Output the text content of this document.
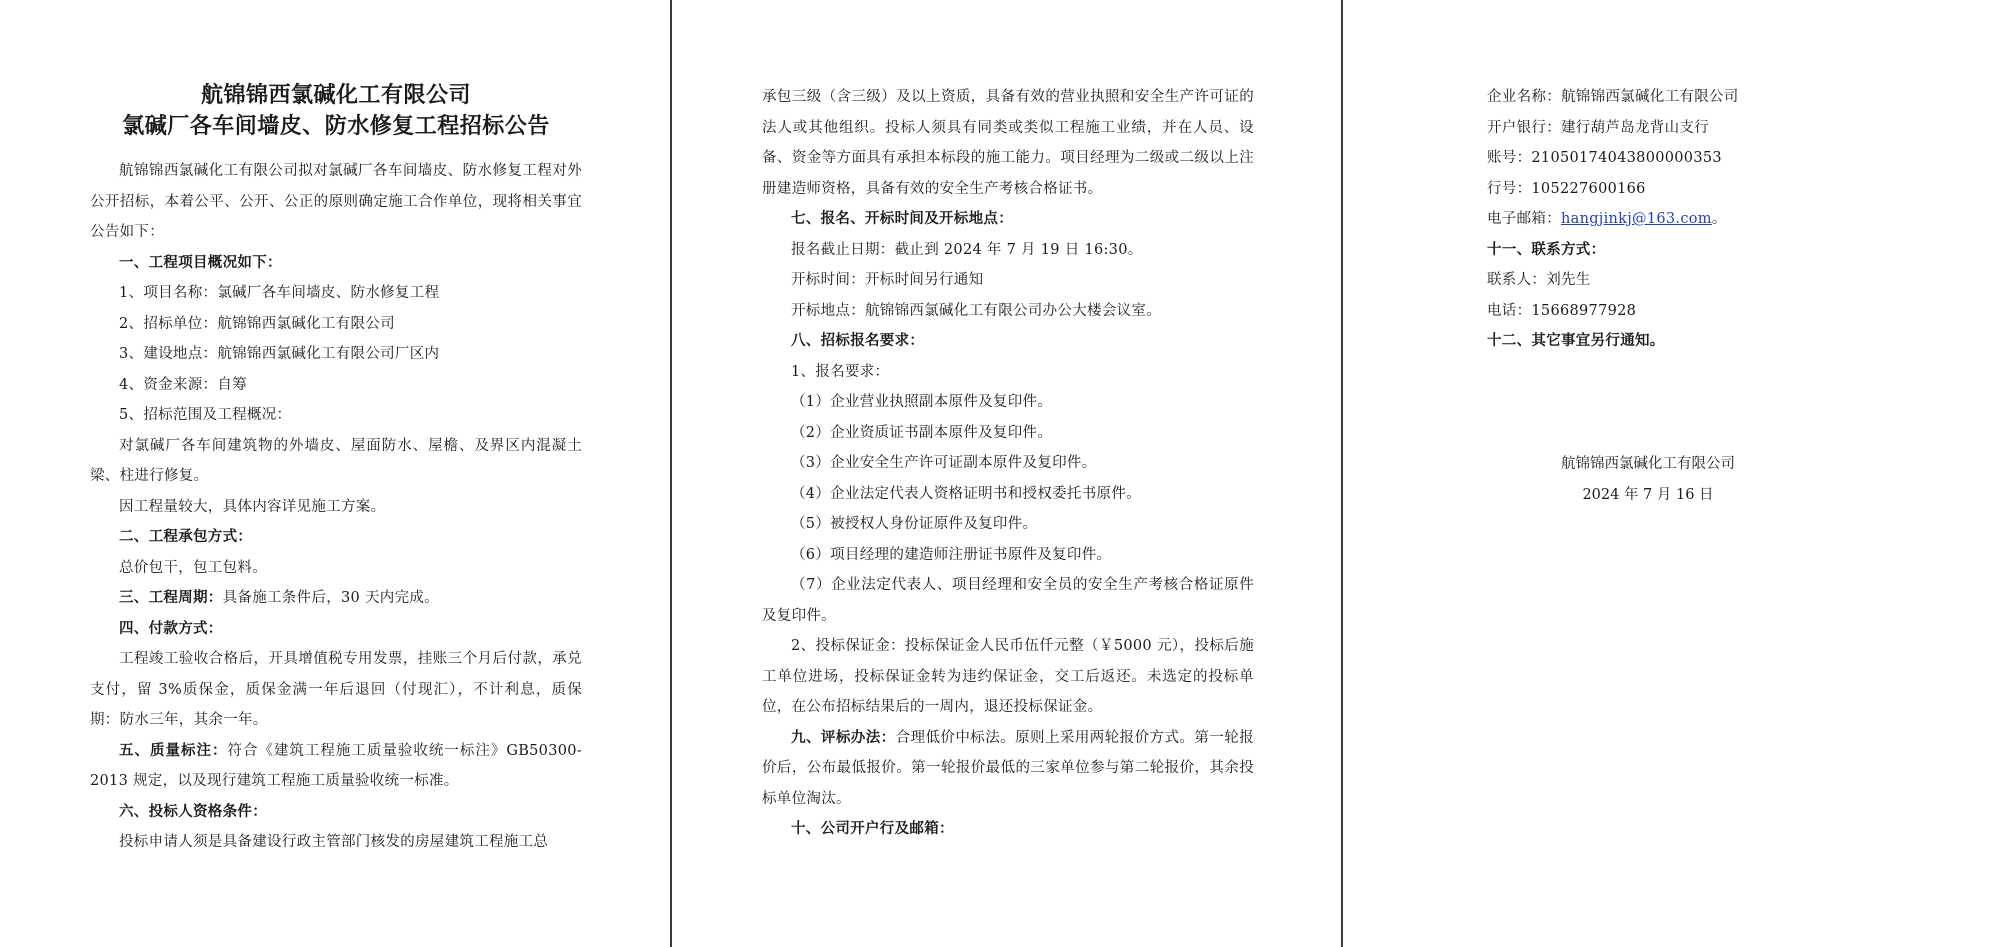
航锦锦西氯碱化工有限公司
氯碱厂各车间墙皮、防水修复工程招标公告

航锦锦西氯碱化工有限公司拟对氯碱厂各车间墙皮、防水修复工程对外公开招标，本着公平、公开、公正的原则确定施工合作单位，现将相关事宜公告如下：

一、工程项目概况如下：

1、项目名称：氯碱厂各车间墙皮、防水修复工程

2、招标单位：航锦锦西氯碱化工有限公司

3、建设地点：航锦锦西氯碱化工有限公司厂区内

4、资金来源：自筹

5、招标范围及工程概况：

对氯碱厂各车间建筑物的外墙皮、屋面防水、屋檐、及界区内混凝土梁、柱进行修复。

因工程量较大，具体内容详见施工方案。

二、工程承包方式：

总价包干，包工包料。

三、工程周期：具备施工条件后，30 天内完成。

四、付款方式：

工程竣工验收合格后，开具增值税专用发票，挂账三个月后付款，承兑支付，留 3%质保金，质保金满一年后退回（付现汇），不计利息，质保期：防水三年，其余一年。

五、质量标注：符合《建筑工程施工质量验收统一标注》GB50300-2013 规定，以及现行建筑工程施工质量验收统一标准。

六、投标人资格条件：

投标申请人须是具备建设行政主管部门核发的房屋建筑工程施工总

承包三级（含三级）及以上资质，具备有效的营业执照和安全生产许可证的法人或其他组织。投标人须具有同类或类似工程施工业绩，并在人员、设备、资金等方面具有承担本标段的施工能力。项目经理为二级或二级以上注册建造师资格，具备有效的安全生产考核合格证书。

七、报名、开标时间及开标地点：

报名截止日期：截止到 2024 年 7 月 19 日 16:30。

开标时间：开标时间另行通知

开标地点：航锦锦西氯碱化工有限公司办公大楼会议室。

八、招标报名要求：

1、报名要求：

（1）企业营业执照副本原件及复印件。

（2）企业资质证书副本原件及复印件。

（3）企业安全生产许可证副本原件及复印件。

（4）企业法定代表人资格证明书和授权委托书原件。

（5）被授权人身份证原件及复印件。

（6）项目经理的建造师注册证书原件及复印件。

（7）企业法定代表人、项目经理和安全员的安全生产考核合格证原件及复印件。

2、投标保证金：投标保证金人民币伍仟元整（￥5000 元），投标后施工单位进场，投标保证金转为违约保证金，交工后返还。未选定的投标单位，在公布招标结果后的一周内，退还投标保证金。

九、评标办法：合理低价中标法。原则上采用两轮报价方式。第一轮报价后，公布最低报价。第一轮报价最低的三家单位参与第二轮报价，其余投标单位淘汰。

十、公司开户行及邮箱：

企业名称：航锦锦西氯碱化工有限公司

开户银行：建行葫芦岛龙背山支行

账号：21050174043800000353

行号：105227600166

电子邮箱：hangjinkj@163.com。

十一、联系方式：

联系人：刘先生

电话：15668977928

十二、其它事宜另行通知。

航锦锦西氯碱化工有限公司
2024 年 7 月 16 日
